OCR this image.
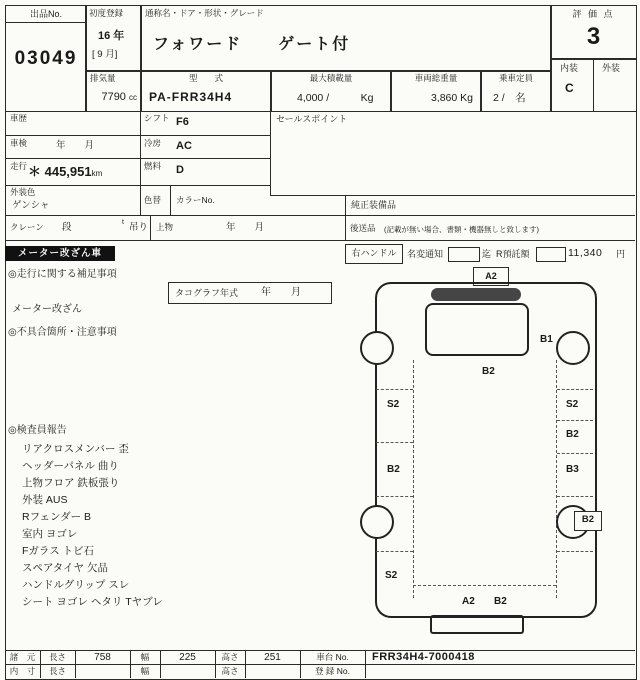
出品No.
03049
初度登録
16 年
[ 9 月]
通称名・ドア・形状・グレード
フォワード　　ゲート付
評 価 点
3
内装	外装
C
排気量
7790 cc
型　　式
PA-FRR34H4
最大積載量
4,000 /　　　Kg
車両総重量
3,860 Kg
乗車定員
2 /　名
車歴	シフト F6	セールスポイント
車検	年　　月	冷房 AC
走行 ＊ 445,951km
燃料 D
外装色
ゲンシャ	色替 カラーNo.	純正装備品
クレーン 段	t 吊り 上物	年　　月	後送品 (記載が無い場合、書類・機器無しと致します)
メーター改ざん車	右ハンドル	名変通知	迄 R預託額	11,340 円
◎走行に関する補足事項
タコグラフ年式 年　　月
メーター改ざん
◎不具合箇所・注意事項
◎検査員報告
リアクロスメンバー 歪
ヘッダーパネル 曲り
上物フロア 鉄板張り
外装 AUS
Rフェンダー B
室内 ヨゴレ
Fガラス トビ石
スペアタイヤ 欠品
ハンドルグリップ スレ
シート ヨゴレ ヘタリ Tヤブレ
A2
B1
B2
S2	S2
B2
B2	B3
B2
S2
A2 B2
諸　元	長さ	758	幅	225	高さ	251	車台 No.	FRR34H4-7000418
内　寸	長さ	幅	高さ	登 録 No.
